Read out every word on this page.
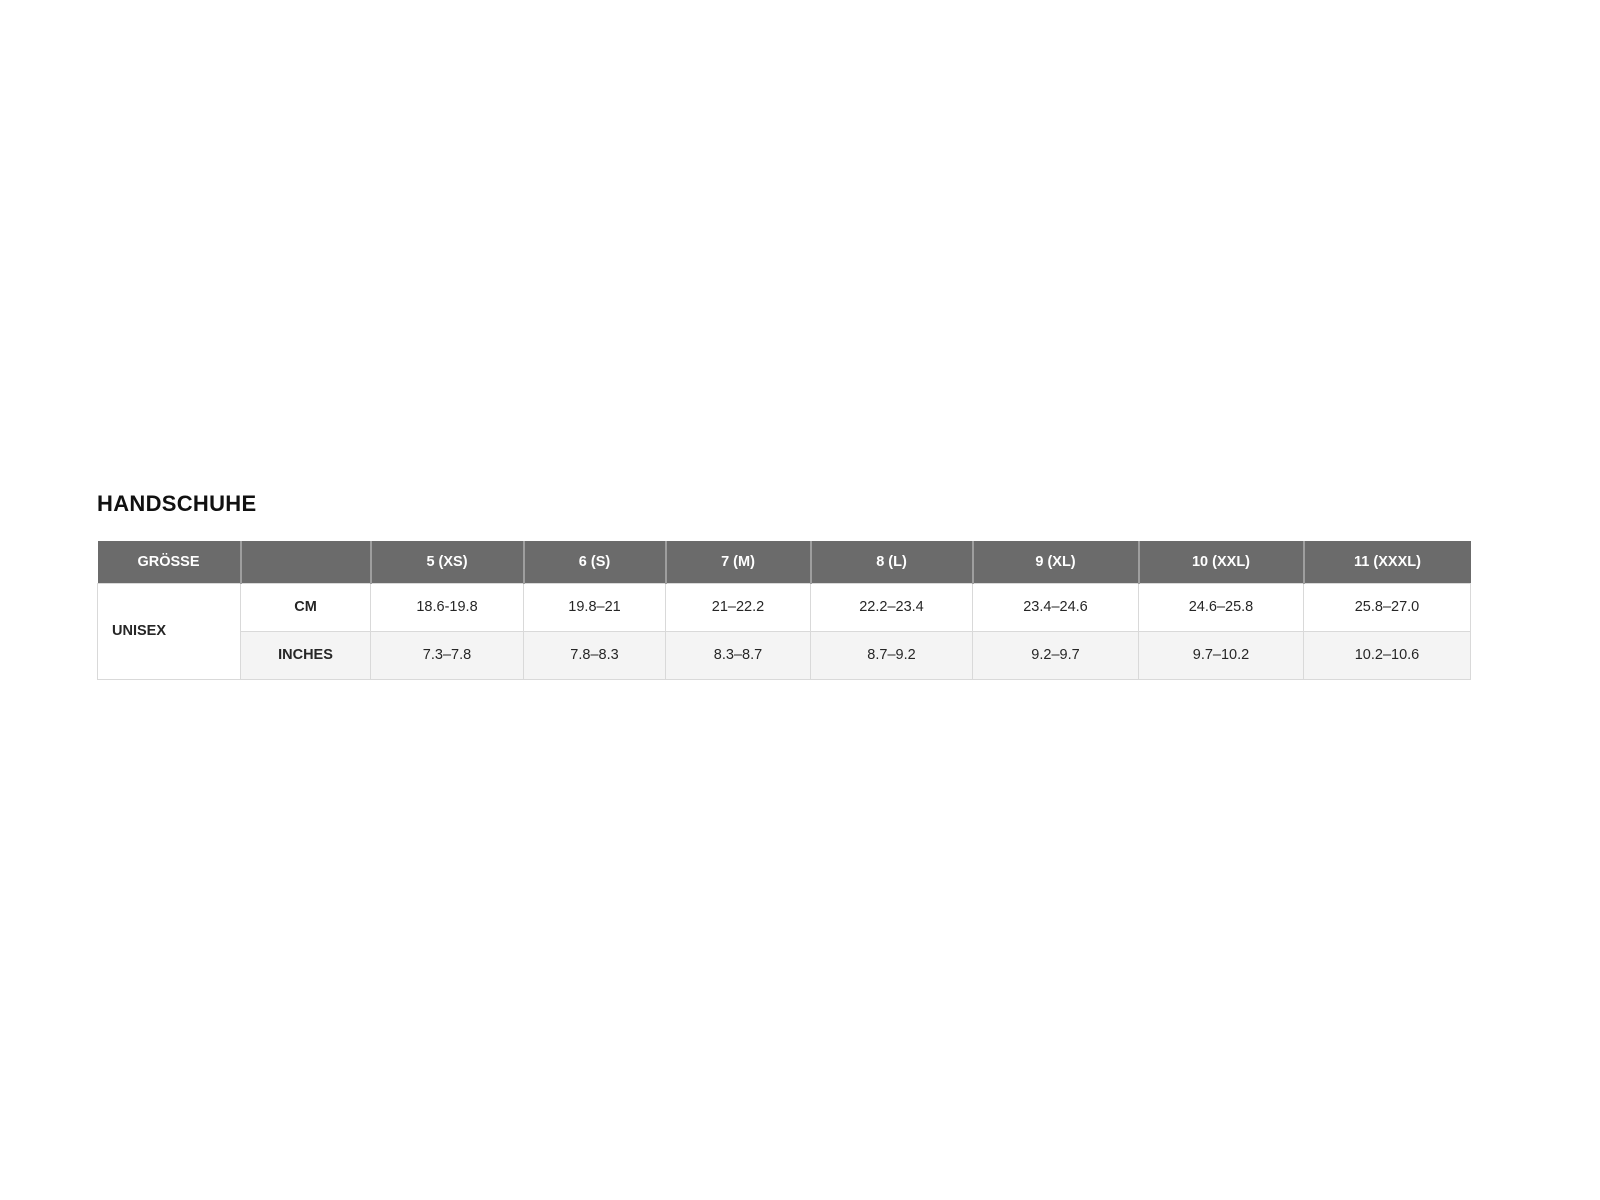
HANDSCHUHE
GRÖSSE		5 (XS)	6 (S)	7 (M)	8 (L)	9 (XL)	10 (XXL)	11 (XXXL)
UNISEX	CM	18.6-19.8	19.8–21	21–22.2	22.2–23.4	23.4–24.6	24.6–25.8	25.8–27.0
	INCHES	7.3–7.8	7.8–8.3	8.3–8.7	8.7–9.2	9.2–9.7	9.7–10.2	10.2–10.6
